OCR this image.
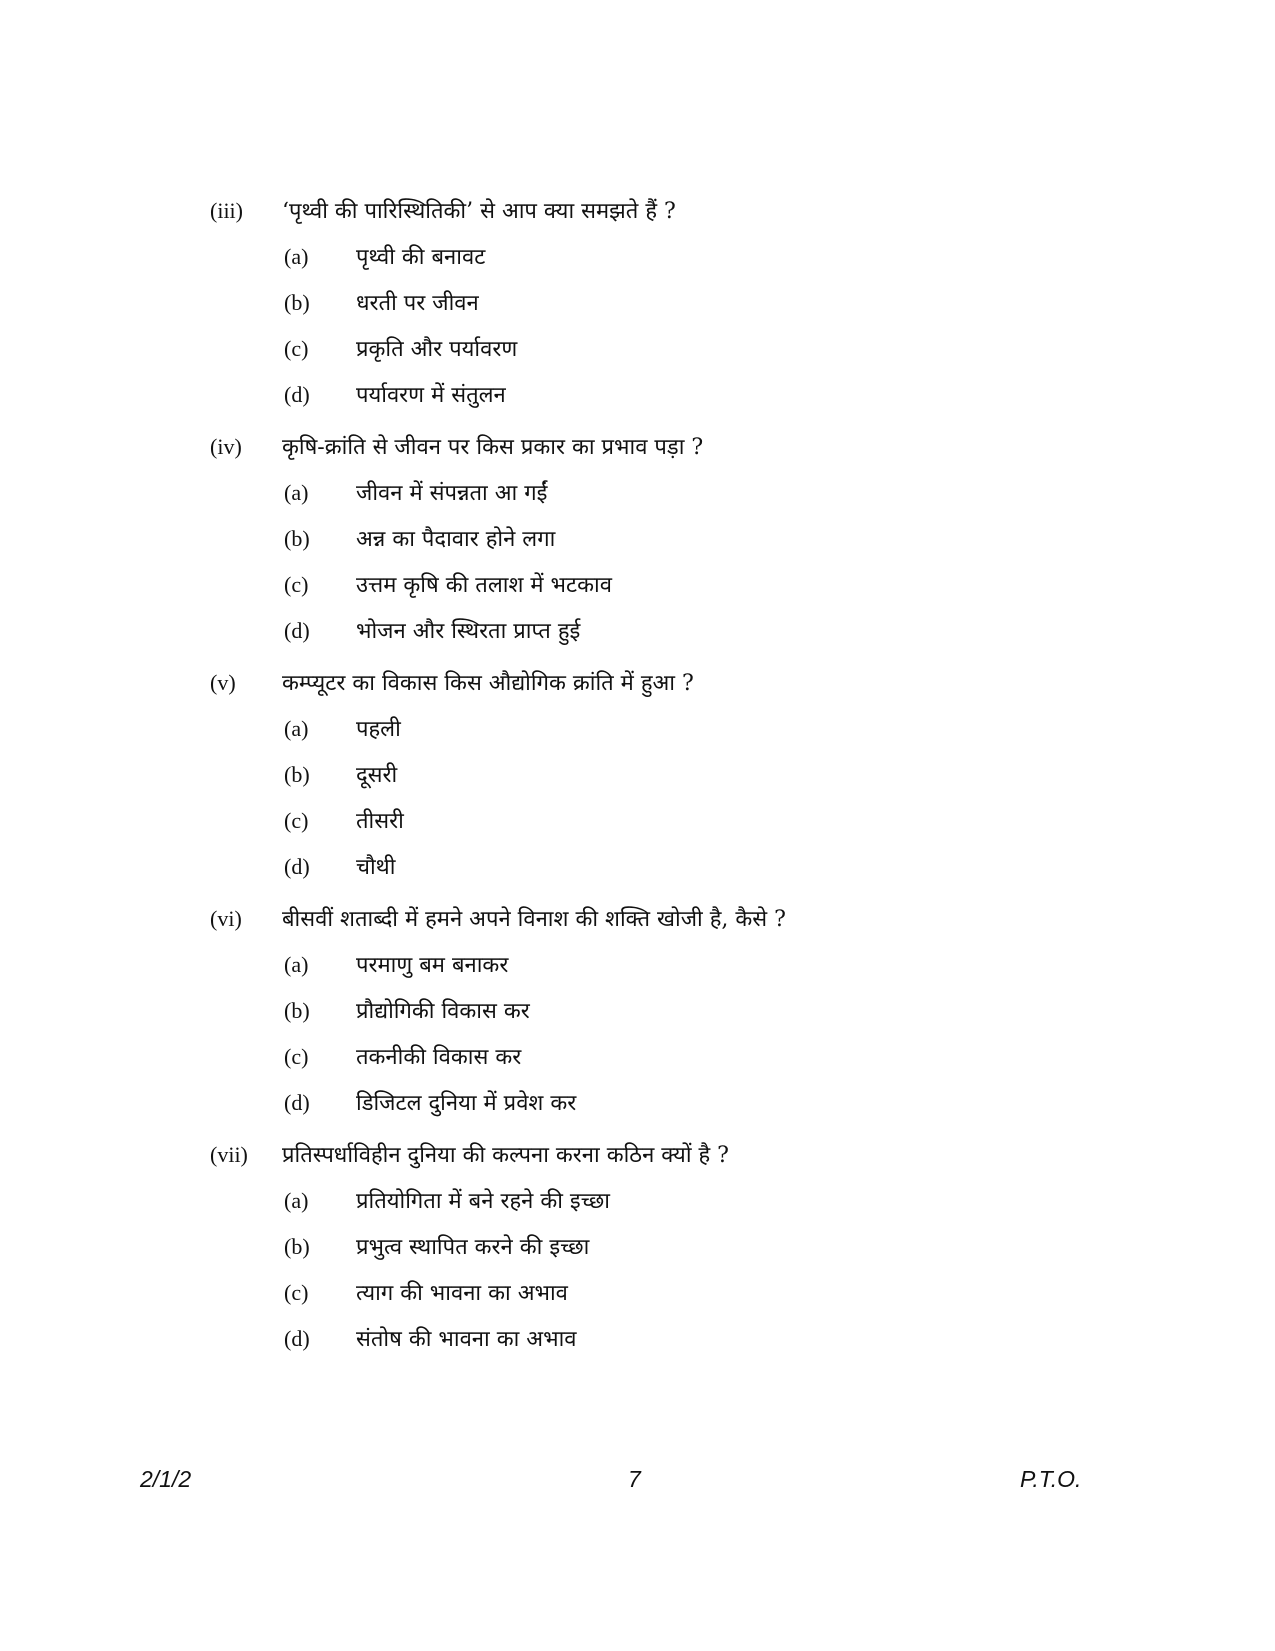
(iii)	‘पृथ्वी की पारिस्थितिकी’ से आप क्या समझते हैं ?
(a)	पृथ्वी की बनावट
(b)	धरती पर जीवन
(c)	प्रकृति और पर्यावरण
(d)	पर्यावरण में संतुलन
(iv)	कृषि-क्रांति से जीवन पर किस प्रकार का प्रभाव पड़ा ?
(a)	जीवन में संपन्नता आ गईं
(b)	अन्न का पैदावार होने लगा
(c)	उत्तम कृषि की तलाश में भटकाव
(d)	भोजन और स्थिरता प्राप्त हुई
(v)	कम्प्यूटर का विकास किस औद्योगिक क्रांति में हुआ ?
(a)	पहली
(b)	दूसरी
(c)	तीसरी
(d)	चौथी
(vi)	बीसवीं शताब्दी में हमने अपने विनाश की शक्ति खोजी है, कैसे ?
(a)	परमाणु बम बनाकर
(b)	प्रौद्योगिकी विकास कर
(c)	तकनीकी विकास कर
(d)	डिजिटल दुनिया में प्रवेश कर
(vii)	प्रतिस्पर्धाविहीन दुनिया की कल्पना करना कठिन क्यों है ?
(a)	प्रतियोगिता में बने रहने की इच्छा
(b)	प्रभुत्व स्थापित करने की इच्छा
(c)	त्याग की भावना का अभाव
(d)	संतोष की भावना का अभाव
2/1/2	7	P.T.O.
